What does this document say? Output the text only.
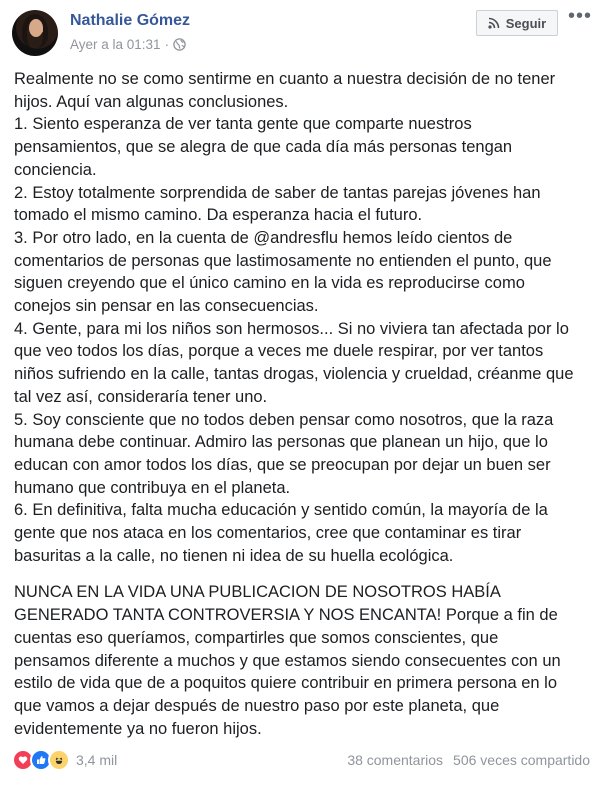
Nathalie Gómez
Ayer a la 01:31 ·
Seguir •••

Realmente no se como sentirme en cuanto a nuestra decisión de no tener
hijos. Aquí van algunas conclusiones.
1. Siento esperanza de ver tanta gente que comparte nuestros
pensamientos, que se alegra de que cada día más personas tengan
conciencia.
2. Estoy totalmente sorprendida de saber de tantas parejas jóvenes han
tomado el mismo camino. Da esperanza hacia el futuro.
3. Por otro lado, en la cuenta de @andresflu hemos leído cientos de
comentarios de personas que lastimosamente no entienden el punto, que
siguen creyendo que el único camino en la vida es reproducirse como
conejos sin pensar en las consecuencias.
4. Gente, para mi los niños son hermosos... Si no viviera tan afectada por lo
que veo todos los días, porque a veces me duele respirar, por ver tantos
niños sufriendo en la calle, tantas drogas, violencia y crueldad, créanme que
tal vez así, consideraría tener uno.
5. Soy consciente que no todos deben pensar como nosotros, que la raza
humana debe continuar. Admiro las personas que planean un hijo, que lo
educan con amor todos los días, que se preocupan por dejar un buen ser
humano que contribuya en el planeta.
6. En definitiva, falta mucha educación y sentido común, la mayoría de la
gente que nos ataca en los comentarios, cree que contaminar es tirar
basuritas a la calle, no tienen ni idea de su huella ecológica.

NUNCA EN LA VIDA UNA PUBLICACION DE NOSOTROS HABÍA
GENERADO TANTA CONTROVERSIA Y NOS ENCANTA! Porque a fin de
cuentas eso queríamos, compartirles que somos conscientes, que
pensamos diferente a muchos y que estamos siendo consecuentes con un
estilo de vida que de a poquitos quiere contribuir en primera persona en lo
que vamos a dejar después de nuestro paso por este planeta, que
evidentemente ya no fueron hijos.

3,4 mil	38 comentarios 506 veces compartido
